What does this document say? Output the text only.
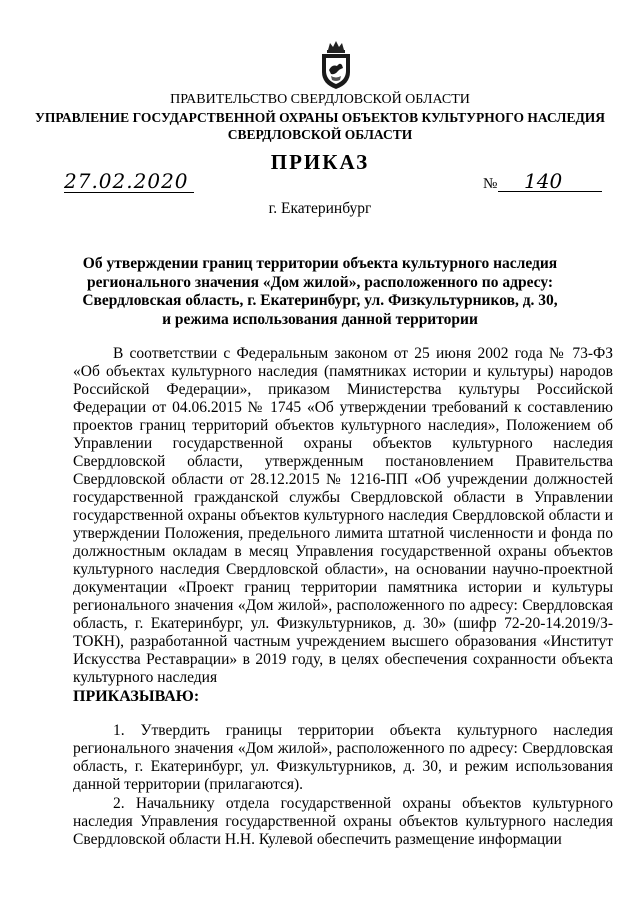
ПРАВИТЕЛЬСТВО СВЕРДЛОВСКОЙ ОБЛАСТИ
УПРАВЛЕНИЕ ГОСУДАРСТВЕННОЙ ОХРАНЫ ОБЪЕКТОВ КУЛЬТУРНОГО НАСЛЕДИЯ
СВЕРДЛОВСКОЙ ОБЛАСТИ
ПРИКАЗ
27.02.2020	№	140
г. Екатеринбург
Об утверждении границ территории объекта культурного наследия
регионального значения «Дом жилой», расположенного по адресу:
Свердловская область, г. Екатеринбург, ул. Физкультурников, д. 30,
и режима использования данной территории

В соответствии с Федеральным законом от 25 июня 2002 года № 73-ФЗ «Об объектах культурного наследия (памятниках истории и культуры) народов Российской Федерации», приказом Министерства культуры Российской Федерации от 04.06.2015 № 1745 «Об утверждении требований к составлению проектов границ территорий объектов культурного наследия», Положением об Управлении государственной охраны объектов культурного наследия Свердловской области, утвержденным постановлением Правительства Свердловской области от 28.12.2015 № 1216-ПП «Об учреждении должностей государственной гражданской службы Свердловской области в Управлении государственной охраны объектов культурного наследия Свердловской области и утверждении Положения, предельного лимита штатной численности и фонда по должностным окладам в месяц Управления государственной охраны объектов культурного наследия Свердловской области», на основании научно-проектной документации «Проект границ территории памятника истории и культуры регионального значения «Дом жилой», расположенного по адресу: Свердловская область, г. Екатеринбург, ул. Физкультурников, д. 30» (шифр 72-20-14.2019/З-ТОКН), разработанной частным учреждением высшего образования «Институт Искусства Реставрации» в 2019 году, в целях обеспечения сохранности объекта культурного наследия

ПРИКАЗЫВАЮ:

1. Утвердить границы территории объекта культурного наследия регионального значения «Дом жилой», расположенного по адресу: Свердловская область, г. Екатеринбург, ул. Физкультурников, д. 30, и режим использования данной территории (прилагаются).

2. Начальнику отдела государственной охраны объектов культурного наследия Управления государственной охраны объектов культурного наследия Свердловской области Н.Н. Кулевой обеспечить размещение информации
